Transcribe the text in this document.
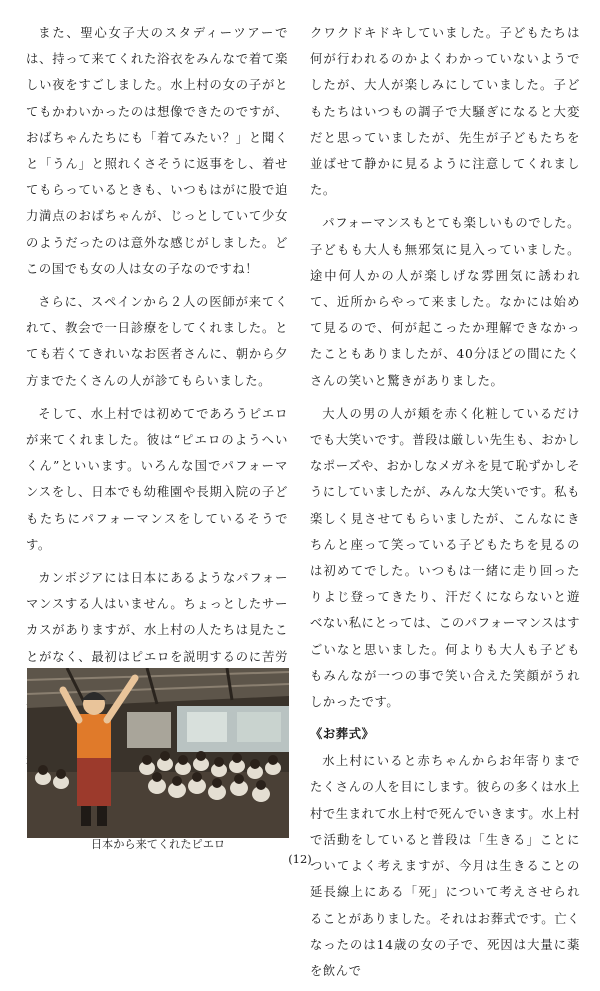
また、聖心女子大のスタディーツアーでは、持って来てくれた浴衣をみんなで着て楽しい夜をすごしました。水上村の女の子がとてもかわいかったのは想像できたのですが、おばちゃんたちにも「着てみたい？」と聞くと「うん」と照れくさそうに返事をし、着せてもらっているときも、いつもはがに股で迫力満点のおばちゃんが、じっとしていて少女のようだったのは意外な感じがしました。どこの国でも女の人は女の子なのですね！

さらに、スペインから２人の医師が来てくれて、教会で一日診療をしてくれました。とても若くてきれいなお医者さんに、朝から夕方までたくさんの人が診てもらいました。

そして、水上村では初めてであろうピエロが来てくれました。彼は“ピエロのようへいくん”といいます。いろんな国でパフォーマンスをし、日本でも幼稚園や長期入院の子どもたちにパフォーマンスをしているそうです。

カンボジアには日本にあるようなパフォーマンスする人はいません。ちょっとしたサーカスがありますが、水上村の人たちは見たことがなく、最初はピエロを説明するのに苦労

日本から来てくれたピエロ

クワクドキドキしていました。子どもたちは何が行われるのかよくわかっていないようでしたが、大人が楽しみにしていました。子どもたちはいつもの調子で大騒ぎになると大変だと思っていましたが、先生が子どもたちを並ばせて静かに見るように注意してくれました。

パフォーマンスもとても楽しいものでした。子どもも大人も無邪気に見入っていました。途中何人かの人が楽しげな雰囲気に誘われて、近所からやって来ました。なかには始めて見るので、何が起こったか理解できなかったこともありましたが、40分ほどの間にたくさんの笑いと驚きがありました。

大人の男の人が頬を赤く化粧しているだけでも大笑いです。普段は厳しい先生も、おかしなポーズや、おかしなメガネを見て恥ずかしそうにしていましたが、みんな大笑いです。私も楽しく見させてもらいましたが、こんなにきちんと座って笑っている子どもたちを見るのは初めてでした。いつもは一緒に走り回ったりよじ登ってきたり、汗だくにならないと遊べない私にとっては、このパフォーマンスはすごいなと思いました。何よりも大人も子どももみんなが一つの事で笑い合えた笑顔がうれしかったです。

《お葬式》

水上村にいると赤ちゃんからお年寄りまでたくさんの人を目にします。彼らの多くは水上村で生まれて水上村で死んでいきます。水上村で活動をしていると普段は「生きる」ことについてよく考えますが、今月は生きることの延長線上にある「死」について考えさせられることがありました。それはお葬式です。亡くなったのは14歳の女の子で、死因は大量に薬を飲んで

(12)
